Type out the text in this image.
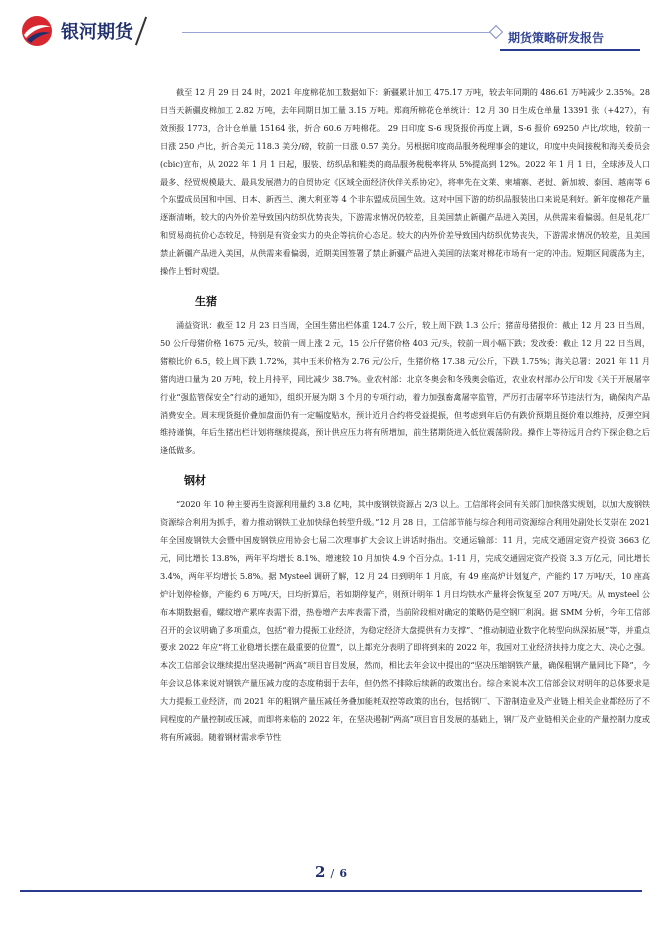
银河期货	期货策略研发报告

截至 12 月 29 日 24 时，2021 年度棉花加工数据如下：新疆累计加工 475.17 万吨，较去年同期的 486.61 万吨减少 2.35%。28 日当天新疆皮棉加工 2.82 万吨，去年同期日加工量 3.15 万吨。郑商所棉花仓单统计：12 月 30 日生成仓单量 13391 张（+427），有效预报 1773，合计仓单量 15164 张，折合 60.6 万吨棉花。 29 日印度 S-6 现货报价再度上调，S-6 报价 69250 卢比/坎地，较前一日涨 250 卢比，折合美元 118.3 美分/磅，较前一日涨 0.57 美分。另根据印度商品服务税理事会的建议，印度中央间接税和海关委员会(cbic)宣布，从 2022 年 1 月 1 日起，服装、纺织品和鞋类的商品服务税税率将从 5%提高到 12%。2022 年 1 月 1 日，全球涉及人口最多、经贸规模最大、最具发展潜力的自贸协定《区域全面经济伙伴关系协定》，将率先在文莱、柬埔寨、老挝、新加坡、泰国、越南等 6 个东盟成员国和中国、日本、新西兰、澳大利亚等 4 个非东盟成员国生效。这对中国下游的纺织品服装出口来说是利好。新年度棉花产量逐渐清晰，较大的内外价差导致国内纺织优势丧失，下游需求情况仍较差，且美国禁止新疆产品进入美国，从供需来看偏弱。但是轧花厂和贸易商抗价心态较足，特别是有资金实力的央企等抗价心态足。较大的内外价差导致国内纺织优势丧失，下游需求情况仍较差，且美国禁止新疆产品进入美国，从供需来看偏弱，近期美国签署了禁止新疆产品进入美国的法案对棉花市场有一定的冲击。短期区间震荡为主，操作上暂时观望。

生猪

涌益资讯：截至 12 月 23 日当周，全国生猪出栏体重 124.7 公斤，较上周下跌 1.3 公斤；猪苗母猪报价：截止 12 月 23 日当周，50 公斤母猪价格 1675 元/头，较前一周上涨 2 元，15 公斤仔猪价格 403 元/头，较前一周小幅下跌；发改委：截止 12 月 22 日当周，猪粮比价 6.5，较上周下跌 1.72%，其中玉米价格为 2.76 元/公斤，生猪价格 17.38 元/公斤，下跌 1.75%；海关总署：2021 年 11 月猪肉进口量为 20 万吨，较上月持平，同比减少 38.7%。业农村部：北京冬奥会和冬残奥会临近，农业农村部办公厅印发《关于开展屠宰行业“强监管保安全”行动的通知》，组织开展为期 3 个月的专项行动，着力加强畜禽屠宰监管，严厉打击屠宰环节违法行为，确保肉产品消费安全。周末现货挺价叠加盘面仍有一定幅度贴水，预计近月合约将受益提振，但考虑到年后仍有跌价预期且挺价难以维持，反弹空间维持谨慎，年后生猪出栏计划将继续提高，预计供应压力将有所增加，前生猪期货进入低位震荡阶段。操作上等待远月合约下探企稳之后逢低做多。

钢材

“2020 年 10 种主要再生资源利用量约 3.8 亿吨，其中废钢铁资源占 2/3 以上。工信部将会同有关部门加快落实规划，以加大废钢铁资源综合利用为抓手，着力推动钢铁工业加快绿色转型升级。”12 月 28 日，工信部节能与综合利用司资源综合利用处副处长艾崇在 2021 年全国废钢铁大会暨中国废钢铁应用协会七届二次理事扩大会议上讲话时指出。交通运输部：11 月，完成交通固定资产投资 3663 亿元，同比增长 13.8%，两年平均增长 8.1%、增速较 10 月加快 4.9 个百分点。1-11 月，完成交通固定资产投资 3.3 万亿元，同比增长 3.4%，两年平均增长 5.8%。据 Mysteel 调研了解，12 月 24 日到明年 1 月底，有 49 座高炉计划复产，产能约 17 万吨/天，10 座高炉计划停检修，产能约 6 万吨/天，日均折算后，若如期停复产，则预计明年 1 月日均铁水产量将会恢复至 207 万吨/天。从 mysteel 公布本期数据看，螺纹增产累库表需下滑，热卷增产去库表需下滑，当前阶段相对确定的策略仍是空钢厂利润。据 SMM 分析，今年工信部召开的会议明确了多项重点，包括“着力提振工业经济，为稳定经济大盘提供有力支撑”、“推动制造业数字化转型向纵深拓展”等，并重点要求 2022 年应“将工业稳增长摆在最重要的位置”，以上都充分表明了即将到来的 2022 年，我国对工业经济扶持力度之大、决心之强。本次工信部会议继续提出坚决遏制“两高”项目盲目发展，然而，相比去年会议中提出的“坚决压缩钢铁产量，确保粗钢产量同比下降”，今年会议总体来说对钢铁产量压减力度的态度稍弱于去年，但仍然不排除后续新的政策出台。综合来说本次工信部会议对明年的总体要求是大力提振工业经济，而 2021 年的粗钢产量压减任务叠加能耗双控等政策的出台，包括钢厂、下游制造业及产业链上相关企业都经历了不同程度的产量控制或压减，而即将来临的 2022 年，在坚决遏制“两高”项目盲目发展的基础上，钢厂及产业链相关企业的产量控制力度或将有所减弱。随着钢材需求季节性

2 / 6
